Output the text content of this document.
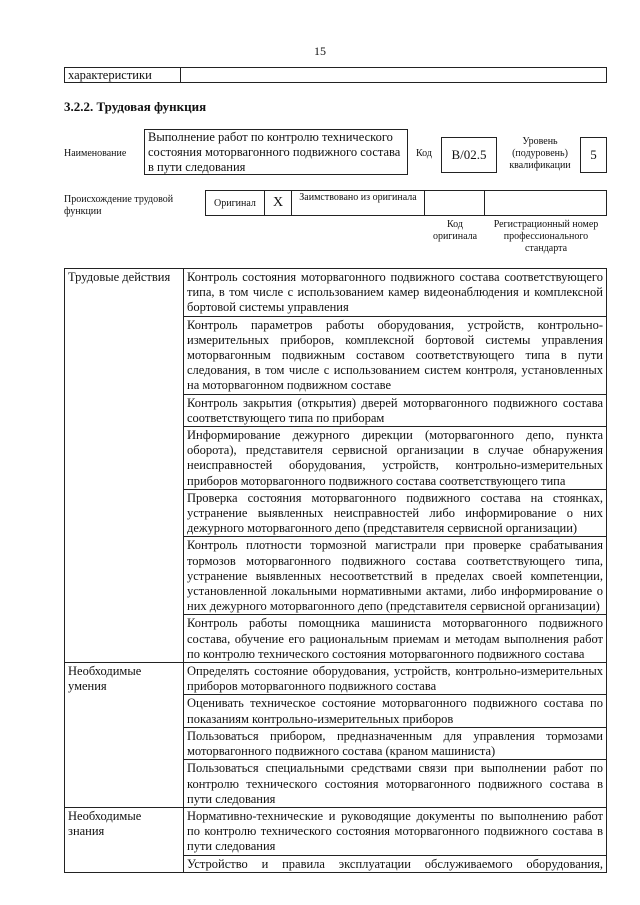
15
характеристики
3.2.2. Трудовая функция
Наименование
Выполнение работ по контролю технического состояния моторвагонного подвижного состава в пути следования
Код	В/02.5
Уровень (подуровень) квалификации
5
Происхождение трудовой функции
Оригинал	X	Заимствовано из оригинала
Код оригинала
Регистрационный номер профессионального стандарта
Трудовые действия	Контроль состояния моторвагонного подвижного состава соответствующего типа, в том числе с использованием камер видеонаблюдения и комплексной бортовой системы управления
	Контроль параметров работы оборудования, устройств, контрольно-измерительных приборов, комплексной бортовой системы управления моторвагонным подвижным составом соответствующего типа в пути следования, в том числе с использованием систем контроля, установленных на моторвагонном подвижном составе
	Контроль закрытия (открытия) дверей моторвагонного подвижного состава соответствующего типа по приборам
	Информирование дежурного дирекции (моторвагонного депо, пункта оборота), представителя сервисной организации в случае обнаружения неисправностей оборудования, устройств, контрольно-измерительных приборов моторвагонного подвижного состава соответствующего типа
	Проверка состояния моторвагонного подвижного состава на стоянках, устранение выявленных неисправностей либо информирование о них дежурного моторвагонного депо (представителя сервисной организации)
	Контроль плотности тормозной магистрали при проверке срабатывания тормозов моторвагонного подвижного состава соответствующего типа, устранение выявленных несоответствий в пределах своей компетенции, установленной локальными нормативными актами, либо информирование о них дежурного моторвагонного депо (представителя сервисной организации)
	Контроль работы помощника машиниста моторвагонного подвижного состава, обучение его рациональным приемам и методам выполнения работ по контролю технического состояния моторвагонного подвижного состава
Необходимые умения	Определять состояние оборудования, устройств, контрольно-измерительных приборов моторвагонного подвижного состава
	Оценивать техническое состояние моторвагонного подвижного состава по показаниям контрольно-измерительных приборов
	Пользоваться прибором, предназначенным для управления тормозами моторвагонного подвижного состава (краном машиниста)
	Пользоваться специальными средствами связи при выполнении работ по контролю технического состояния моторвагонного подвижного состава в пути следования
Необходимые знания	Нормативно-технические и руководящие документы по выполнению работ по контролю технического состояния моторвагонного подвижного состава в пути следования
	Устройство и правила эксплуатации обслуживаемого оборудования,
